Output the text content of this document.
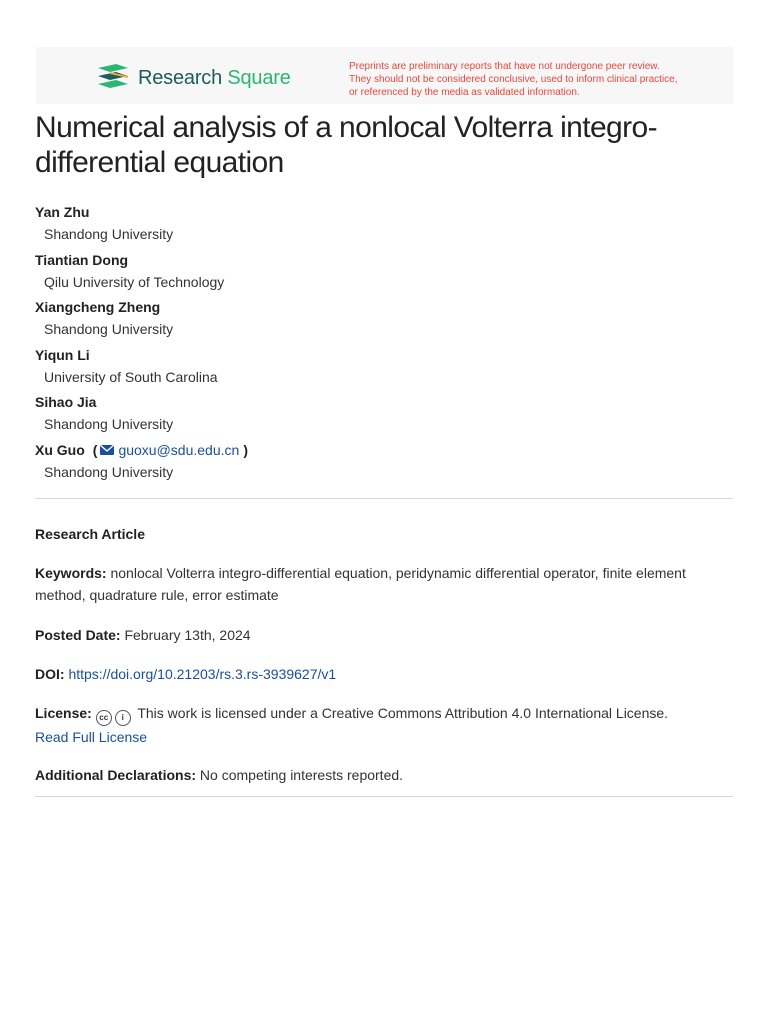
Research Square	Preprints are preliminary reports that have not undergone peer review.
They should not be considered conclusive, used to inform clinical practice,
or referenced by the media as validated information.
Numerical analysis of a nonlocal Volterra integro-differential equation
Yan Zhu
Shandong University
Tiantian Dong
Qilu University of Technology
Xiangcheng Zheng
Shandong University
Yiqun Li
University of South Carolina
Sihao Jia
Shandong University
Xu Guo ( guoxu@sdu.edu.cn )
Shandong University
Research Article
Keywords: nonlocal Volterra integro-differential equation, peridynamic differential operator, finite element method, quadrature rule, error estimate
Posted Date: February 13th, 2024
DOI: https://doi.org/10.21203/rs.3.rs-3939627/v1
License: cc i This work is licensed under a Creative Commons Attribution 4.0 International License.
Read Full License
Additional Declarations: No competing interests reported.
